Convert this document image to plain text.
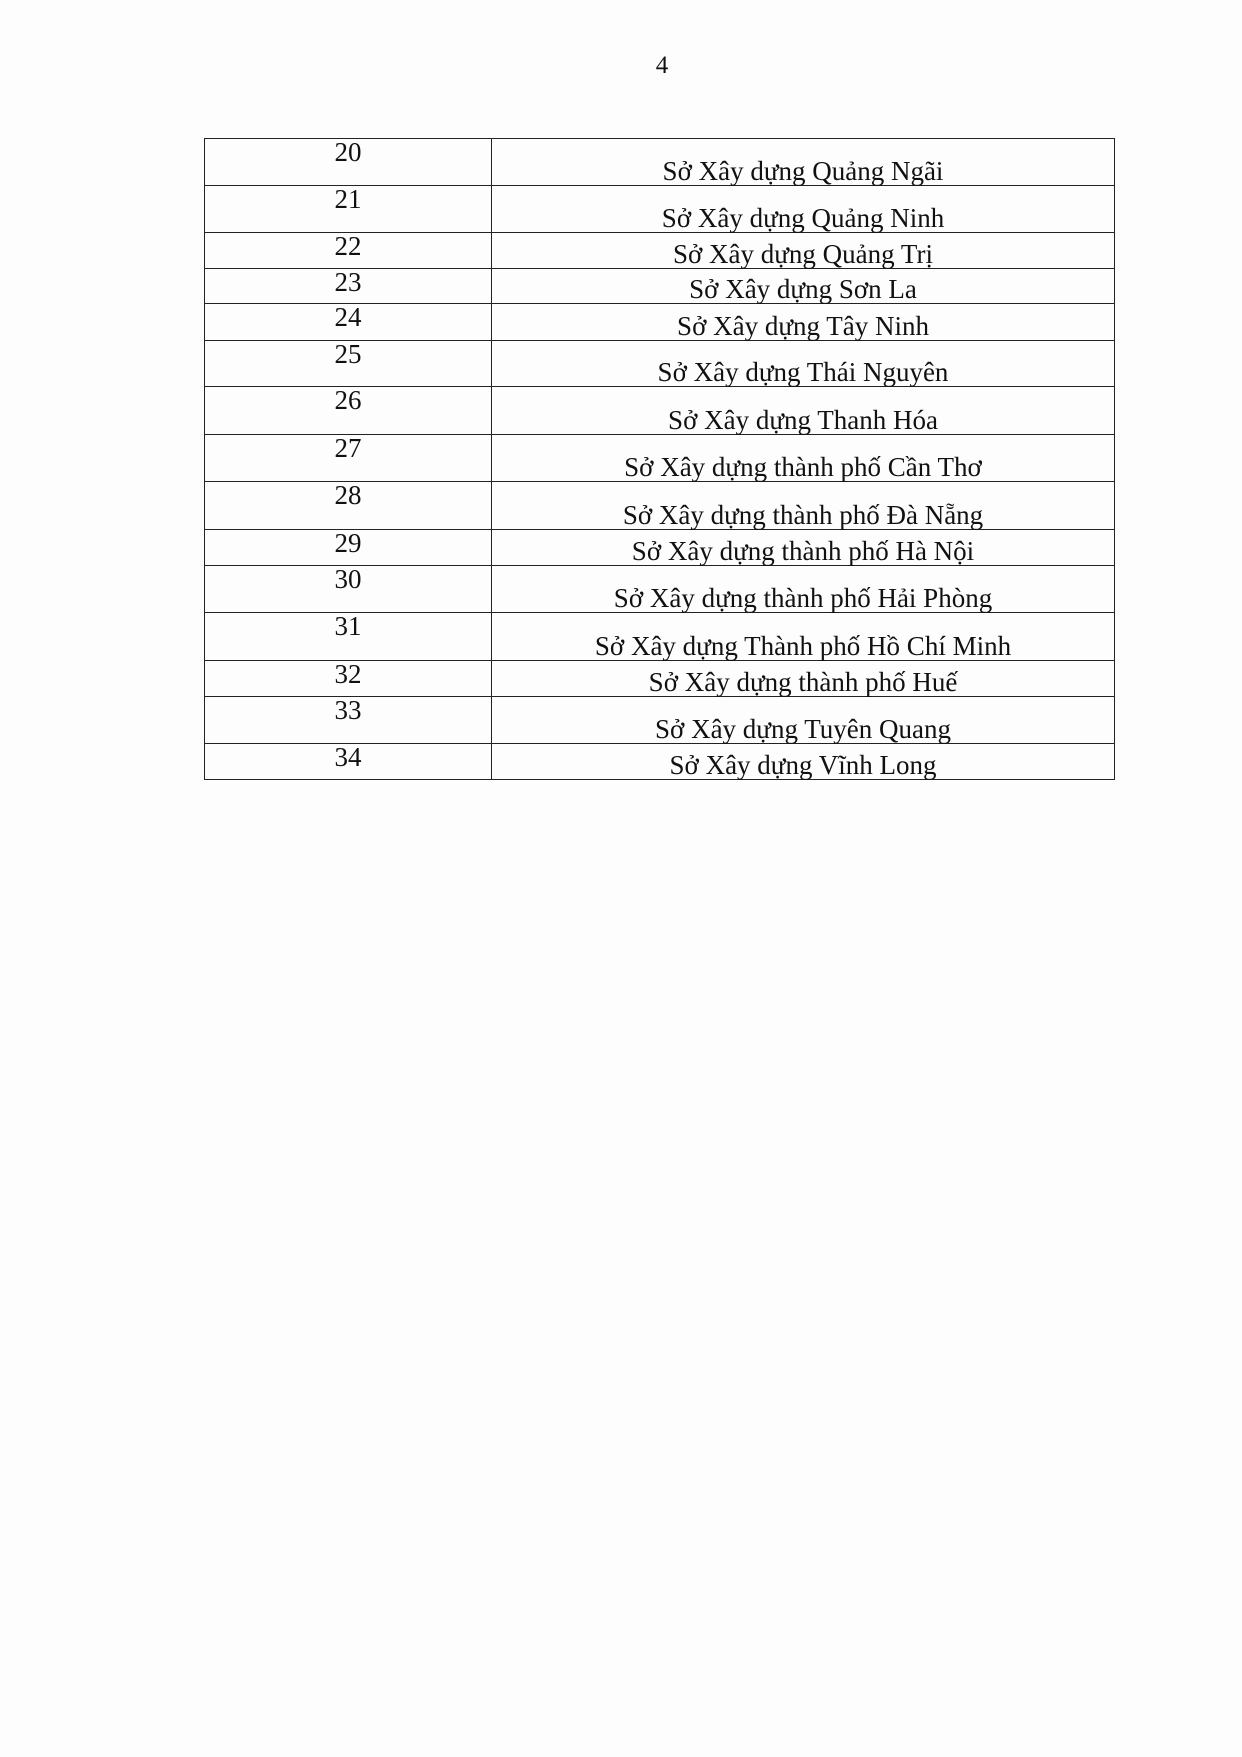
4
20	Sở Xây dựng Quảng Ngãi
21	Sở Xây dựng Quảng Ninh
22	Sở Xây dựng Quảng Trị
23	Sở Xây dựng Sơn La
24	Sở Xây dựng Tây Ninh
25	Sở Xây dựng Thái Nguyên
26	Sở Xây dựng Thanh Hóa
27	Sở Xây dựng thành phố Cần Thơ
28	Sở Xây dựng thành phố Đà Nẵng
29	Sở Xây dựng thành phố Hà Nội
30	Sở Xây dựng thành phố Hải Phòng
31	Sở Xây dựng Thành phố Hồ Chí Minh
32	Sở Xây dựng thành phố Huế
33	Sở Xây dựng Tuyên Quang
34	Sở Xây dựng Vĩnh Long
